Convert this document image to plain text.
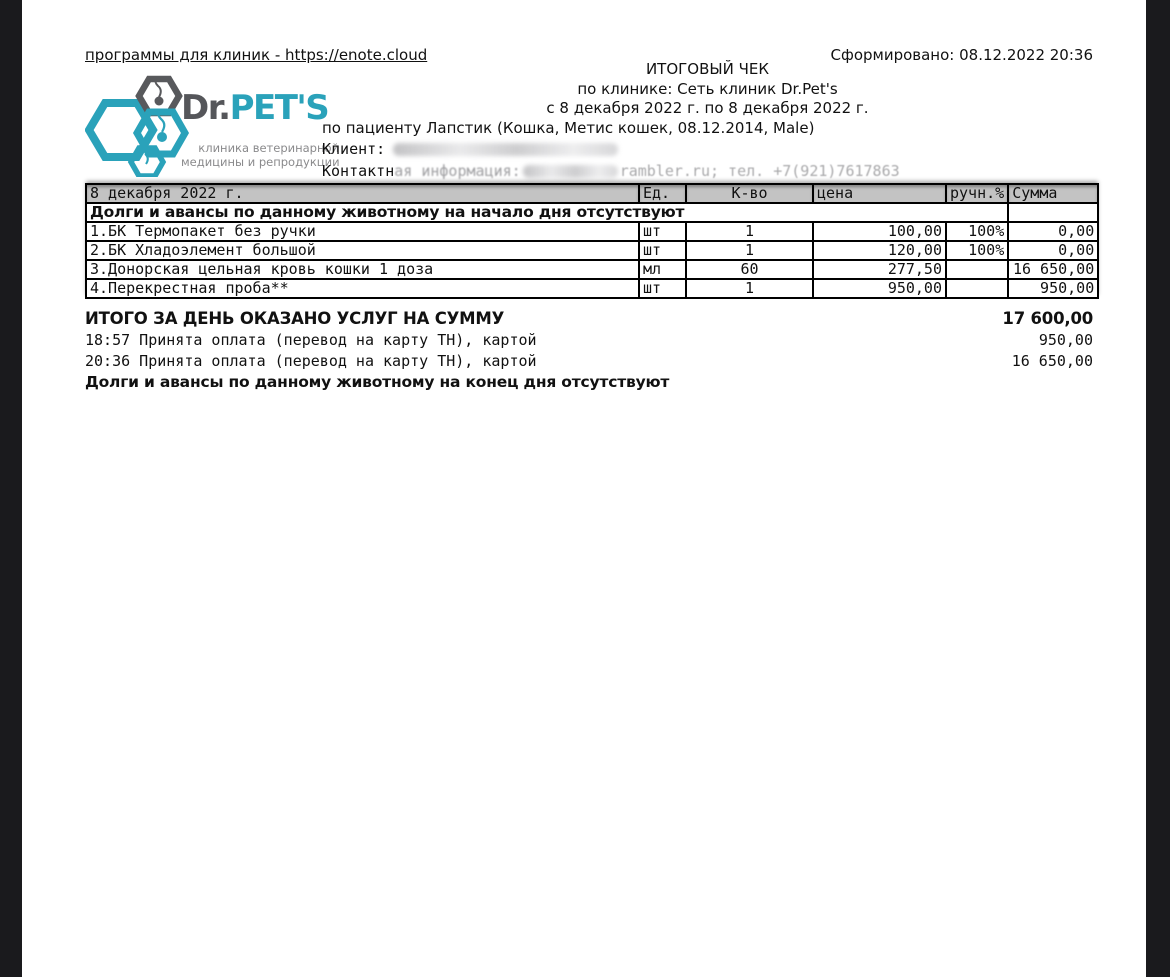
программы для клиник - https://enote.cloud	Сформировано: 08.12.2022 20:36
Dr.PET'S
клиника ветеринарной
медицины и репродукции
ИТОГОВЫЙ ЧЕК
по клинике: Сеть клиник Dr.Pet's
с 8 декабря 2022 г. по 8 декабря 2022 г.
по пациенту Лапстик (Кошка, Метис кошек, 08.12.2014, Male)
Клиент:
Контактная информация:	rambler.ru; тел. +7(921)7617863
8 декабря 2022 г.	Ед.	К-во	цена	ручн.%	Сумма
Долги и авансы по данному животному на начало дня отсутствуют					
1.БК Термопакет без ручки	шт	1	100,00	100%	0,00
2.БК Хладоэлемент большой	шт	1	120,00	100%	0,00
3.Донорская цельная кровь кошки 1 доза	мл	60	277,50		16 650,00
4.Перекрестная проба**	шт	1	950,00		950,00
ИТОГО ЗА ДЕНЬ ОКАЗАНО УСЛУГ НА СУММУ	17 600,00
18:57 Принята оплата (перевод на карту ТН), картой	950,00
20:36 Принята оплата (перевод на карту ТН), картой	16 650,00
Долги и авансы по данному животному на конец дня отсутствуют
